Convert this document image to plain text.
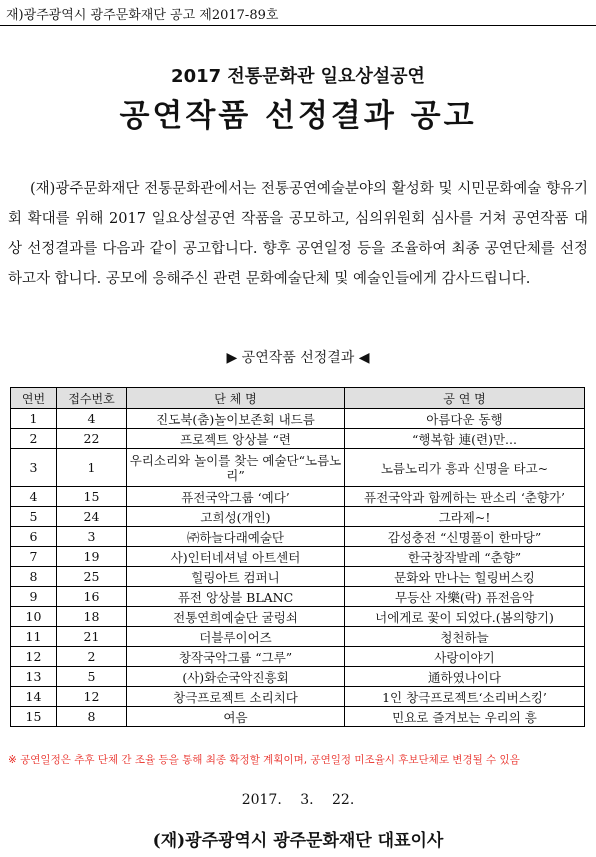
재)광주광역시 광주문화재단 공고 제2017-89호
2017 전통문화관 일요상설공연
공연작품 선정결과 공고
(재)광주문화재단 전통문화관에서는 전통공연예술분야의 활성화 및 시민문화예술 향유기회 확대를 위해 2017 일요상설공연 작품을 공모하고, 심의위원회 심사를 거쳐 공연작품 대상 선정결과를 다음과 같이 공고합니다. 향후 공연일정 등을 조율하여 최종 공연단체를 선정하고자 합니다. 공모에 응해주신 관련 문화예술단체 및 예술인들에게 감사드립니다.
▶ 공연작품 선정결과 ◀
연번	접수번호	단 체 명	공 연 명
1	4	진도북(춤)놀이보존회 내드름	아름다운 동행
2	22	프로젝트 앙상블 “련	“행복함 連(련)만...
3	1	우리소리와 놀이를 찾는 예술단“노름노리”	노름노리가 흥과 신명을 타고~
4	15	퓨전국악그룹 ‘예다’	퓨전국악과 함께하는 판소리 ‘춘향가’
5	24	고희성(개인)	그라제~!
6	3	㈜하늘다래예술단	감성충전 “신명풀이 한마당”
7	19	사)인터네셔널 아트센터	한국창작발레 “춘향”
8	25	힐링아트 컴퍼니	문화와 만나는 힐링버스킹
9	16	퓨전 앙상블 BLANC	무등산 자樂(락) 퓨전음악
10	18	전통연희예술단 굴렁쇠	너에게로 꽃이 되었다.(봄의향기)
11	21	더블루이어즈	청천하늘
12	2	창작국악그룹 “그루”	사랑이야기
13	5	(사)화순국악진흥회	通하였나이다
14	12	창극프로젝트 소리치다	1인 창극프로젝트‘소리버스킹’
15	8	여음	민요로 즐겨보는 우리의 흥
※ 공연일정은 추후 단체 간 조율 등을 통해 최종 확정할 계획이며, 공연일정 미조율시 후보단체로 변경될 수 있음
2017. 3. 22.
(재)광주광역시 광주문화재단 대표이사
